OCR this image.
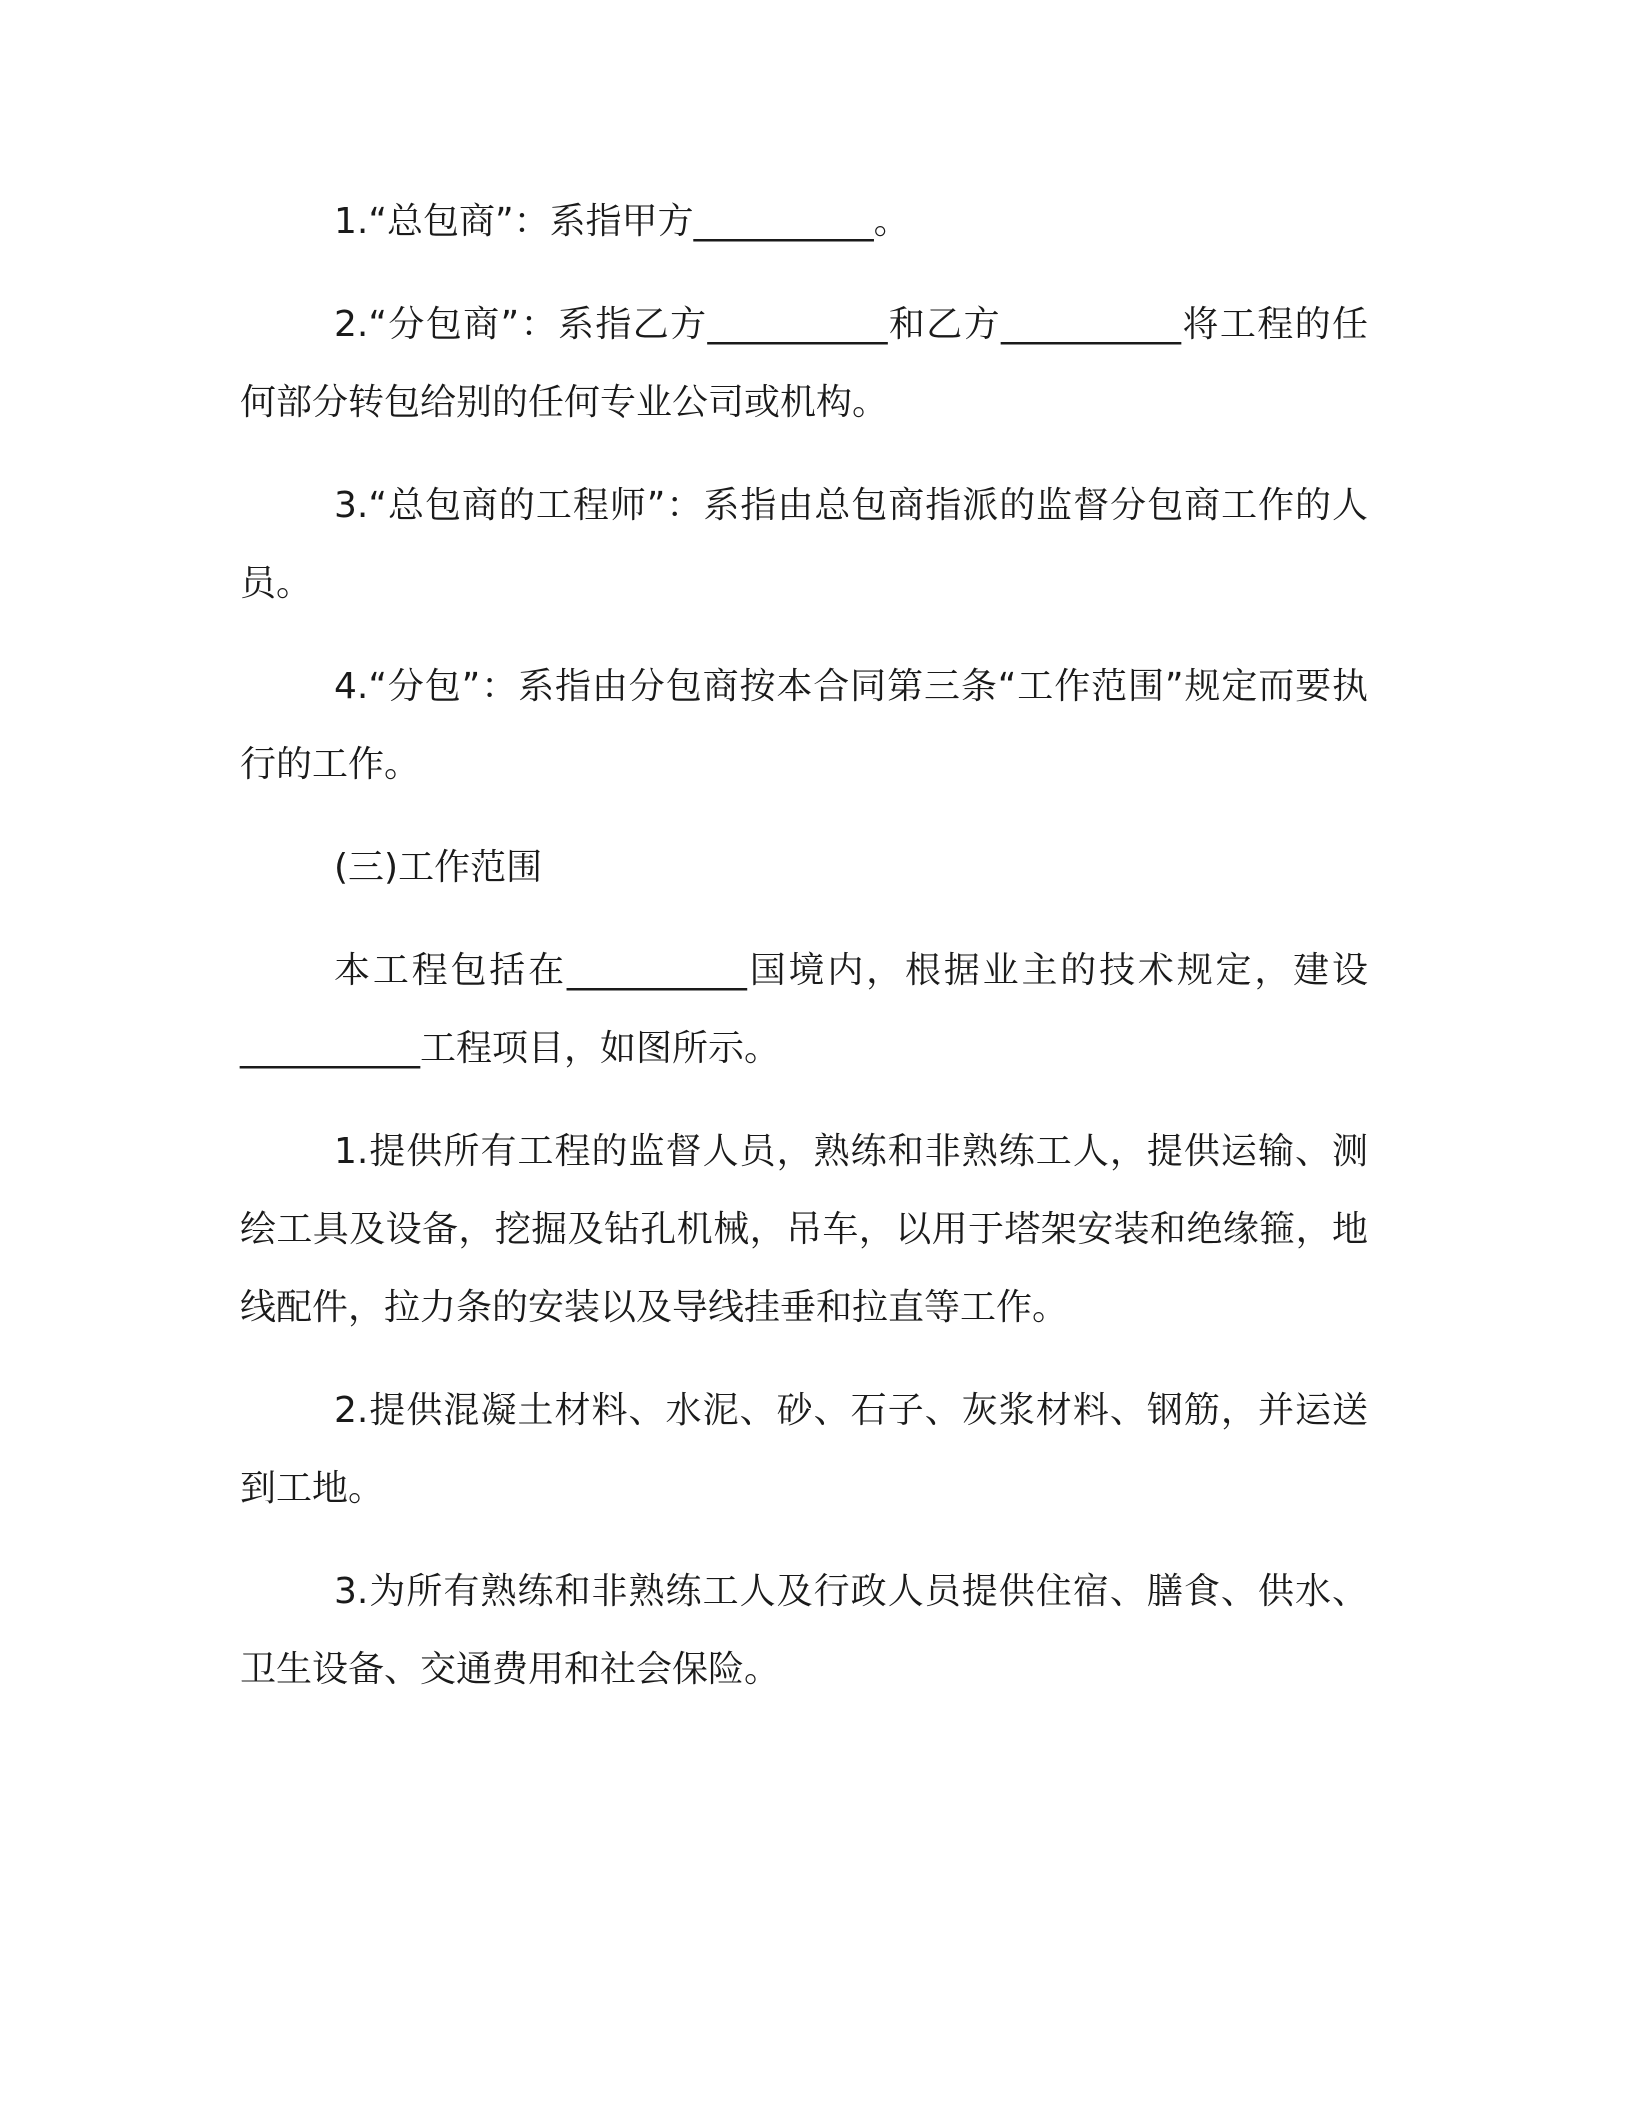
1.“总包商”：系指甲方__________。

2.“分包商”：系指乙方__________和乙方__________将工程的任何部分转包给别的任何专业公司或机构。

3.“总包商的工程师”：系指由总包商指派的监督分包商工作的人员。

4.“分包”：系指由分包商按本合同第三条“工作范围”规定而要执行的工作。

(三)工作范围

本工程包括在__________国境内，根据业主的技术规定，建设__________工程项目，如图所示。

1.提供所有工程的监督人员，熟练和非熟练工人，提供运输、测绘工具及设备，挖掘及钻孔机械，吊车，以用于塔架安装和绝缘箍，地线配件，拉力条的安装以及导线挂垂和拉直等工作。

2.提供混凝土材料、水泥、砂、石子、灰浆材料、钢筋，并运送到工地。

3.为所有熟练和非熟练工人及行政人员提供住宿、膳食、供水、卫生设备、交通费用和社会保险。
